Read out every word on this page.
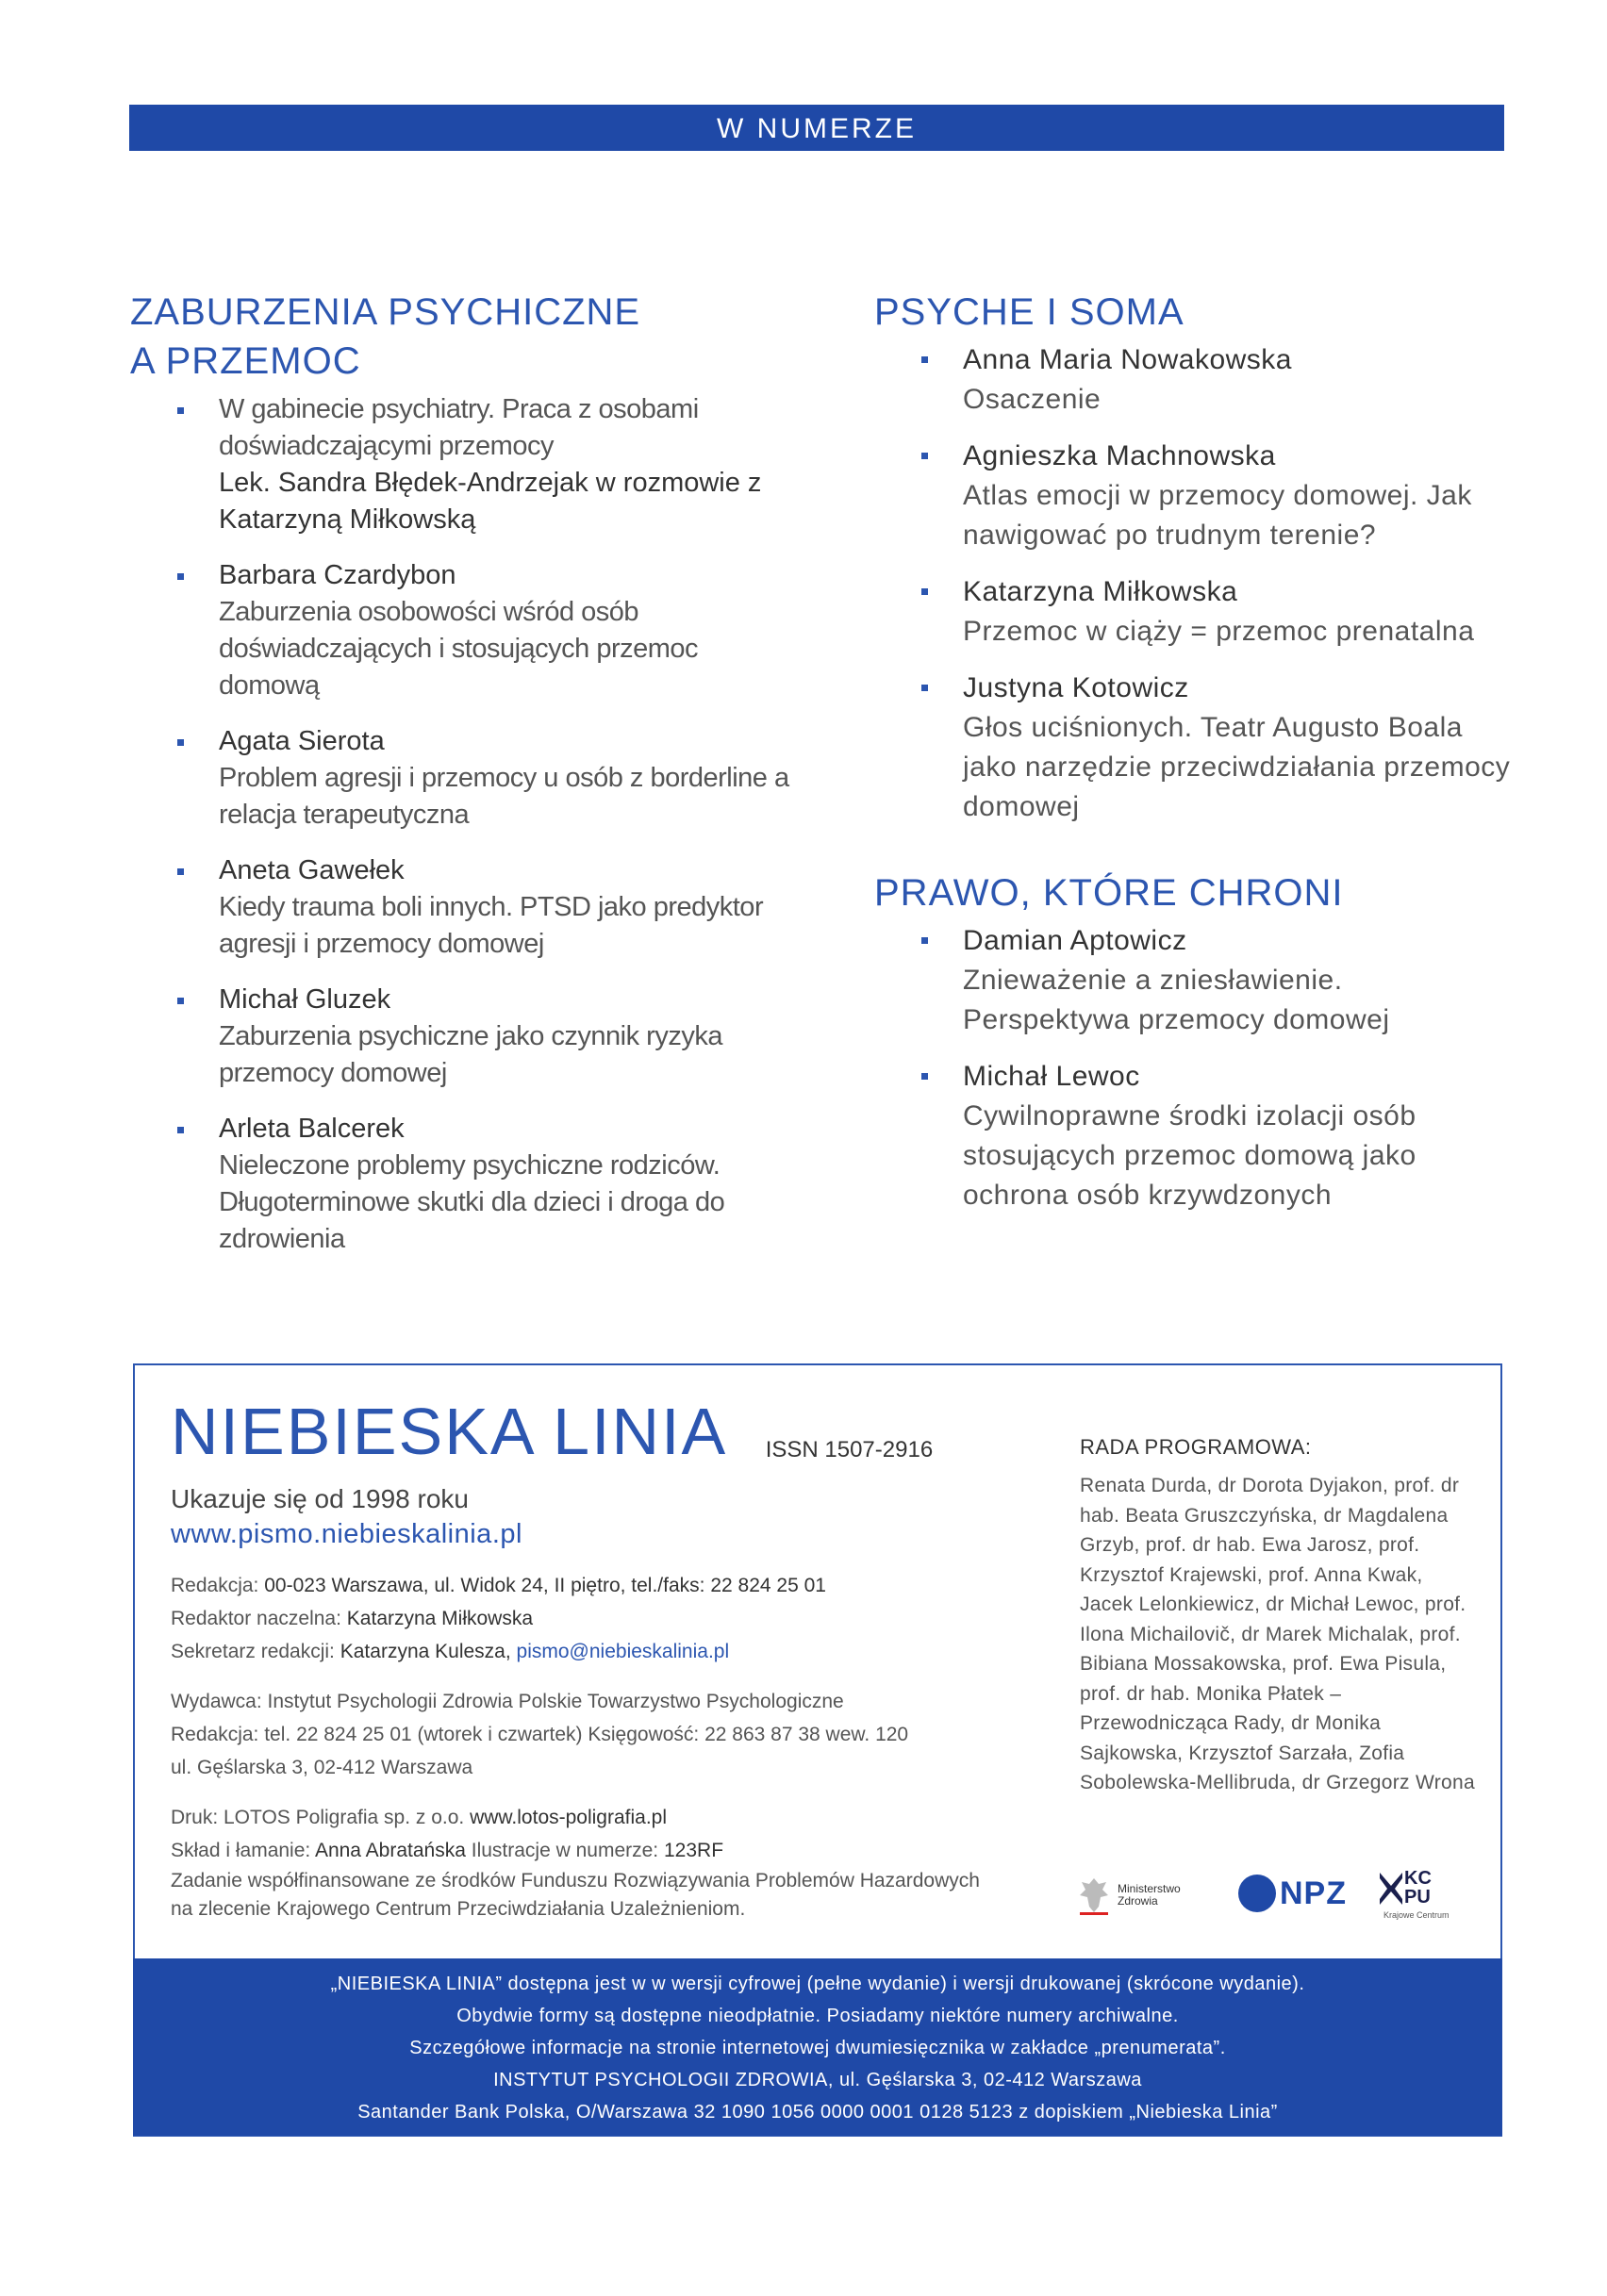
W NUMERZE
ZABURZENIA PSYCHICZNE
A PRZEMOC
W gabinecie psychiatry. Praca z osobami doświadczającymi przemocy
Lek. Sandra Błędek-Andrzejak w rozmowie z Katarzyną Miłkowską
Barbara Czardybon
Zaburzenia osobowości wśród osób doświadczających i stosujących przemoc domową
Agata Sierota
Problem agresji i przemocy u osób z borderline a relacja terapeutyczna
Aneta Gawełek
Kiedy trauma boli innych. PTSD jako predyktor agresji i przemocy domowej
Michał Gluzek
Zaburzenia psychiczne jako czynnik ryzyka przemocy domowej
Arleta Balcerek
Nieleczone problemy psychiczne rodziców. Długoterminowe skutki dla dzieci i droga do zdrowienia
PSYCHE I SOMA
Anna Maria Nowakowska
Osaczenie
Agnieszka Machnowska
Atlas emocji w przemocy domowej. Jak nawigować po trudnym terenie?
Katarzyna Miłkowska
Przemoc w ciąży = przemoc prenatalna
Justyna Kotowicz
Głos uciśnionych. Teatr Augusto Boala jako narzędzie przeciwdziałania przemocy domowej
PRAWO, KTÓRE CHRONI
Damian Aptowicz
Znieważenie a zniesławienie. Perspektywa przemocy domowej
Michał Lewoc
Cywilnoprawne środki izolacji osób stosujących przemoc domową jako ochrona osób krzywdzonych
NIEBIESKA LINIA ISSN 1507-2916
Ukazuje się od 1998 roku
www.pismo.niebieskalinia.pl
Redakcja: 00-023 Warszawa, ul. Widok 24, II piętro, tel./faks: 22 824 25 01
Redaktor naczelna: Katarzyna Miłkowska
Sekretarz redakcji: Katarzyna Kulesza, pismo@niebieskalinia.pl
Wydawca: Instytut Psychologii Zdrowia Polskie Towarzystwo Psychologiczne
Redakcja: tel. 22 824 25 01 (wtorek i czwartek) Księgowość: 22 863 87 38 wew. 120
ul. Gęślarska 3, 02-412 Warszawa
Druk: LOTOS Poligrafia sp. z o.o. www.lotos-poligrafia.pl
Skład i łamanie: Anna Abratańska Ilustracje w numerze: 123RF
Zadanie współfinansowane ze środków Funduszu Rozwiązywania Problemów Hazardowych na zlecenie Krajowego Centrum Przeciwdziałania Uzależnieniom.
RADA PROGRAMOWA:
Renata Durda, dr Dorota Dyjakon, prof. dr hab. Beata Gruszczyńska, dr Magdalena Grzyb, prof. dr hab. Ewa Jarosz, prof. Krzysztof Krajewski, prof. Anna Kwak, Jacek Lelonkiewicz, dr Michał Lewoc, prof. Ilona Michailovič, dr Marek Michalak, prof. Bibiana Mossakowska, prof. Ewa Pisula, prof. dr hab. Monika Płatek – Przewodnicząca Rady, dr Monika Sajkowska, Krzysztof Sarzała, Zofia Sobolewska-Mellibruda, dr Grzegorz Wrona
Ministerstwo
Zdrowia	NPZ	KC
PU
Krajowe Centrum
„NIEBIESKA LINIA” dostępna jest w w wersji cyfrowej (pełne wydanie) i wersji drukowanej (skrócone wydanie).
Obydwie formy są dostępne nieodpłatnie. Posiadamy niektóre numery archiwalne.
Szczegółowe informacje na stronie internetowej dwumiesięcznika w zakładce „prenumerata”.
INSTYTUT PSYCHOLOGII ZDROWIA, ul. Gęślarska 3, 02-412 Warszawa
Santander Bank Polska, O/Warszawa 32 1090 1056 0000 0001 0128 5123 z dopiskiem „Niebieska Linia”
